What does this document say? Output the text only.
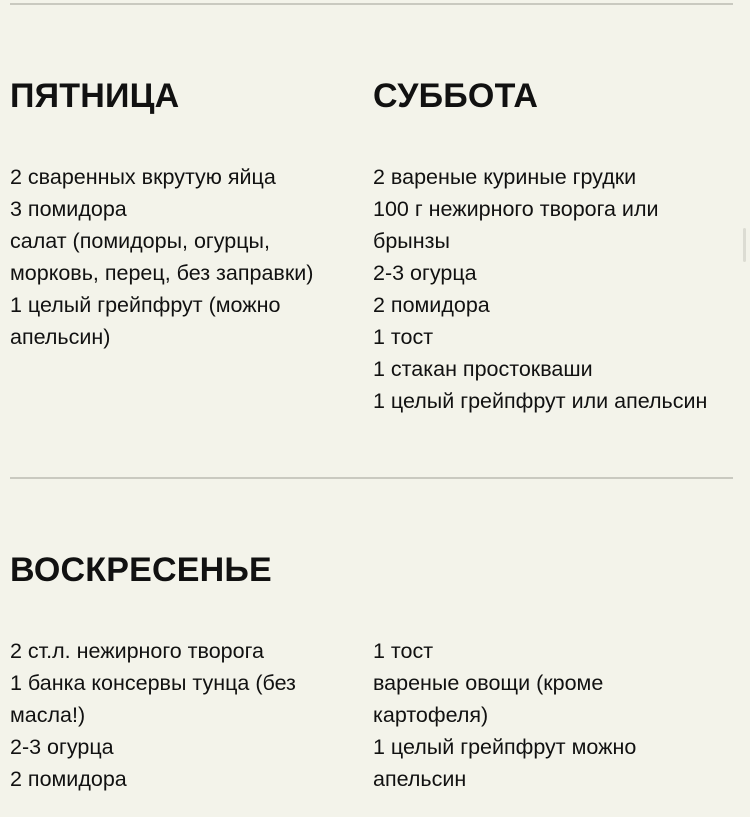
ПЯТНИЦА
2 сваренных вкрутую яйца
3 помидора
салат (помидоры, огурцы, морковь, перец, без заправки)
1 целый грейпфрут (можно апельсин)
СУББОТА
2 вареные куриные грудки
100 г нежирного творога или брынзы
2-3 огурца
2 помидора
1 тост
1 стакан простокваши
1 целый грейпфрут или апельсин
ВОСКРЕСЕНЬЕ
2 ст.л. нежирного творога
1 банка консервы тунца (без масла!)
2-3 огурца
2 помидора
1 тост
вареные овощи (кроме картофеля)
1 целый грейпфрут можно апельсин
